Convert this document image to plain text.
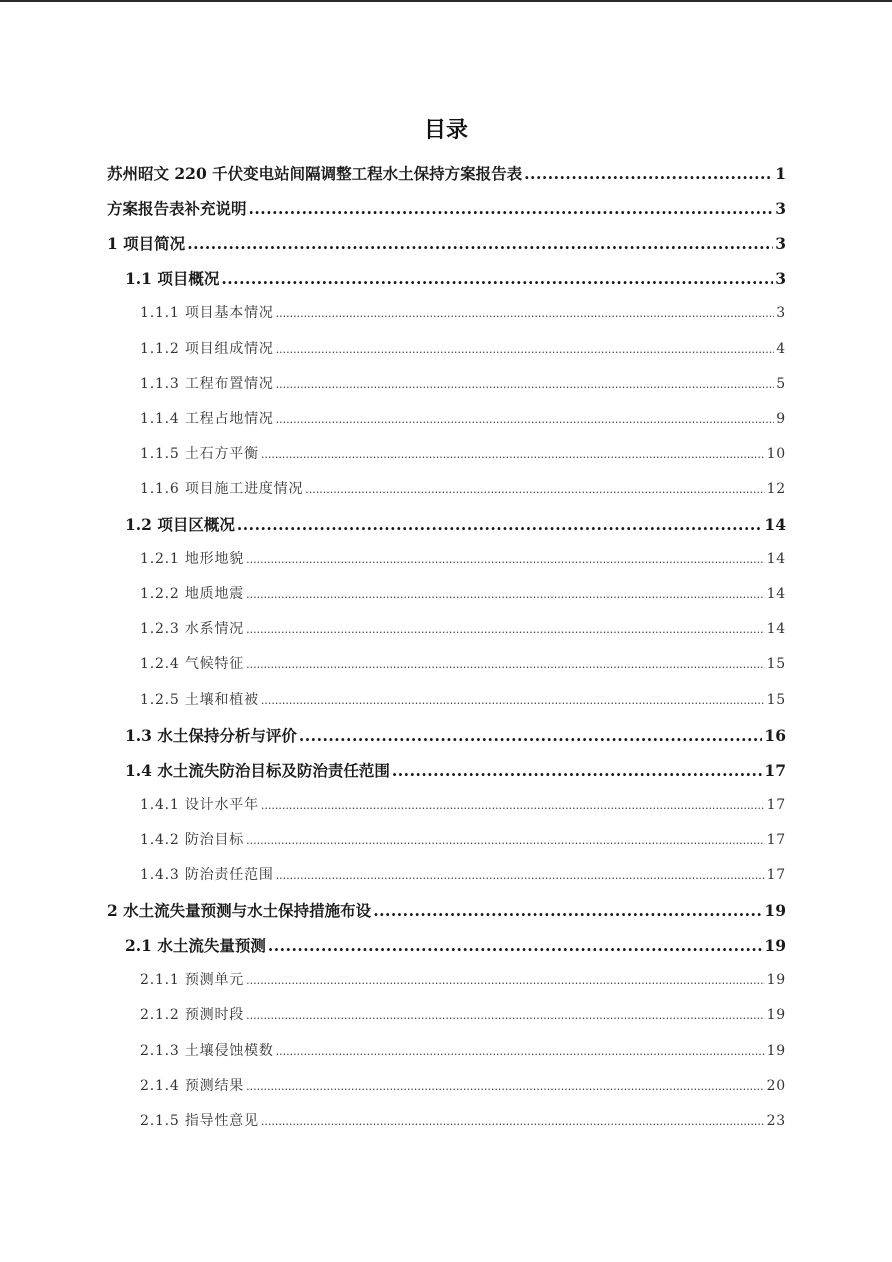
目录
苏州昭文 220 千伏变电站间隔调整工程水土保持方案报告表 .....	1
方案报告表补充说明 .....	3
1 项目简况 .....	3
1.1 项目概况 .....	3
1.1.1 项目基本情况 .....	3
1.1.2 项目组成情况 .....	4
1.1.3 工程布置情况 .....	5
1.1.4 工程占地情况 .....	9
1.1.5 土石方平衡 .....	10
1.1.6 项目施工进度情况 .....	12
1.2 项目区概况 .....	14
1.2.1 地形地貌 .....	14
1.2.2 地质地震 .....	14
1.2.3 水系情况 .....	14
1.2.4 气候特征 .....	15
1.2.5 土壤和植被 .....	15
1.3 水土保持分析与评价 .....	16
1.4 水土流失防治目标及防治责任范围 .....	17
1.4.1 设计水平年 .....	17
1.4.2 防治目标 .....	17
1.4.3 防治责任范围 .....	17
2 水土流失量预测与水土保持措施布设 .....	19
2.1 水土流失量预测 .....	19
2.1.1 预测单元 .....	19
2.1.2 预测时段 .....	19
2.1.3 土壤侵蚀模数 .....	19
2.1.4 预测结果 .....	20
2.1.5 指导性意见 .....	23
